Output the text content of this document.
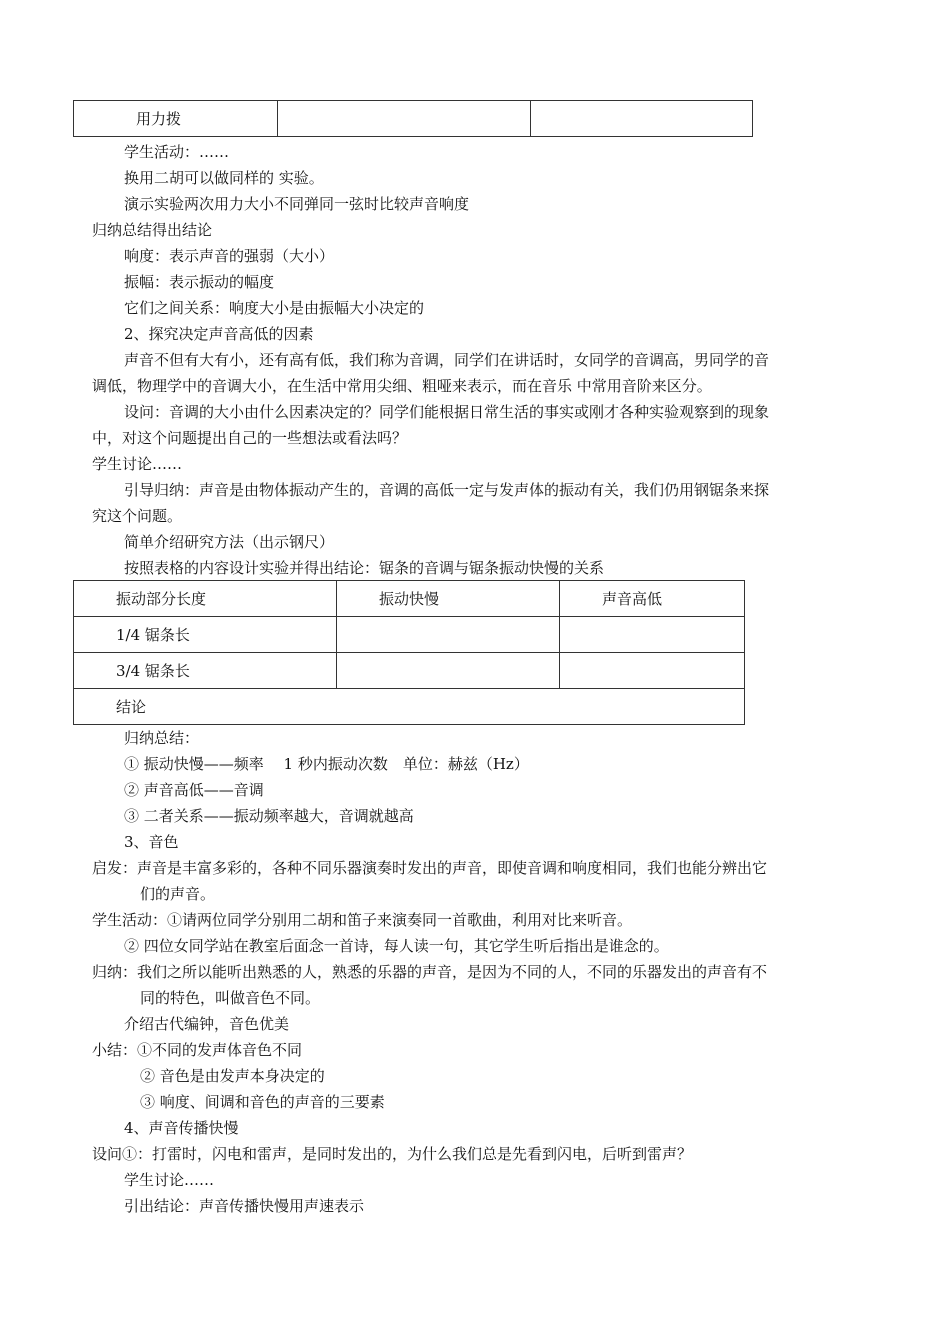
用力拨		
学生活动：……
换用二胡可以做同样的 实验。
演示实验两次用力大小不同弹同一弦时比较声音响度
归纳总结得出结论
响度：表示声音的强弱（大小）
振幅：表示振动的幅度
它们之间关系：响度大小是由振幅大小决定的
2、探究决定声音高低的因素
声音不但有大有小，还有高有低，我们称为音调，同学们在讲话时，女同学的音调高，男同学的音
调低，物理学中的音调大小，在生活中常用尖细、粗哑来表示，而在音乐 中常用音阶来区分。
设问：音调的大小由什么因素决定的？同学们能根据日常生活的事实或刚才各种实验观察到的现象
中，对这个问题提出自己的一些想法或看法吗？
学生讨论……
引导归纳：声音是由物体振动产生的，音调的高低一定与发声体的振动有关，我们仍用钢锯条来探
究这个问题。
简单介绍研究方法（出示钢尺）
按照表格的内容设计实验并得出结论：锯条的音调与锯条振动快慢的关系
振动部分长度	振动快慢	声音高低
1/4 锯条长		
3/4 锯条长		
结论		
归纳总结：
① 振动快慢——频率　 1 秒内振动次数　单位：赫兹（Hz）
② 声音高低——音调
③ 二者关系——振动频率越大，音调就越高
3、音色
启发：声音是丰富多彩的，各种不同乐器演奏时发出的声音，即使音调和响度相同，我们也能分辨出它
们的声音。
学生活动：①请两位同学分别用二胡和笛子来演奏同一首歌曲，利用对比来听音。
② 四位女同学站在教室后面念一首诗，每人读一句，其它学生听后指出是谁念的。
归纳：我们之所以能听出熟悉的人，熟悉的乐器的声音，是因为不同的人，不同的乐器发出的声音有不
同的特色，叫做音色不同。
介绍古代编钟，音色优美
小结：①不同的发声体音色不同
② 音色是由发声本身决定的
③ 响度、间调和音色的声音的三要素
4、声音传播快慢
设问①：打雷时，闪电和雷声，是同时发出的，为什么我们总是先看到闪电，后听到雷声？
学生讨论……
引出结论：声音传播快慢用声速表示
